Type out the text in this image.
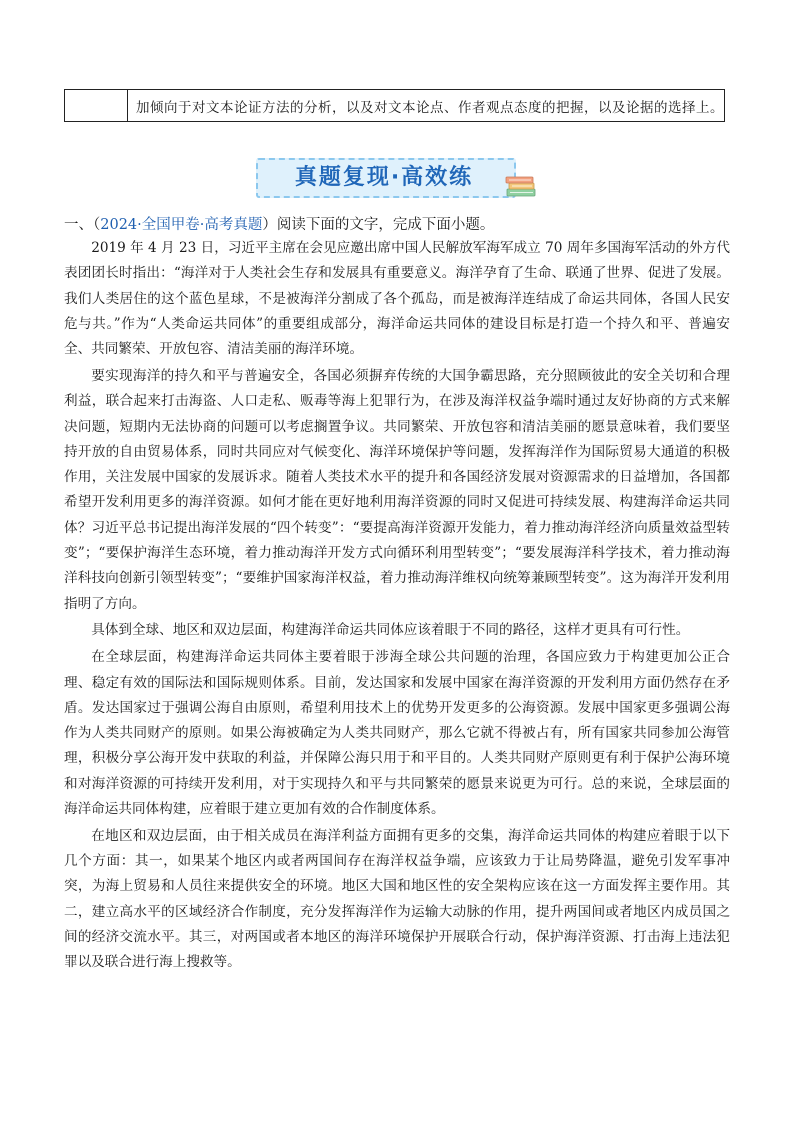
	加倾向于对文本论证方法的分析，以及对文本论点、作者观点态度的把握，以及论据的选择上。
真题复现·高效练
一、（2024·全国甲卷·高考真题）阅读下面的文字，完成下面小题。

2019 年 4 月 23 日，习近平主席在会见应邀出席中国人民解放军海军成立 70 周年多国海军活动的外方代表团团长时指出：“海洋对于人类社会生存和发展具有重要意义。海洋孕育了生命、联通了世界、促进了发展。我们人类居住的这个蓝色星球，不是被海洋分割成了各个孤岛，而是被海洋连结成了命运共同体，各国人民安危与共。”作为“人类命运共同体”的重要组成部分，海洋命运共同体的建设目标是打造一个持久和平、普遍安全、共同繁荣、开放包容、清洁美丽的海洋环境。

要实现海洋的持久和平与普遍安全，各国必须摒弃传统的大国争霸思路，充分照顾彼此的安全关切和合理利益，联合起来打击海盗、人口走私、贩毒等海上犯罪行为，在涉及海洋权益争端时通过友好协商的方式来解决问题，短期内无法协商的问题可以考虑搁置争议。共同繁荣、开放包容和清洁美丽的愿景意味着，我们要坚持开放的自由贸易体系，同时共同应对气候变化、海洋环境保护等问题，发挥海洋作为国际贸易大通道的积极作用，关注发展中国家的发展诉求。随着人类技术水平的提升和各国经济发展对资源需求的日益增加，各国都希望开发利用更多的海洋资源。如何才能在更好地利用海洋资源的同时又促进可持续发展、构建海洋命运共同体？习近平总书记提出海洋发展的“四个转变”：“要提高海洋资源开发能力，着力推动海洋经济向质量效益型转变”；“要保护海洋生态环境，着力推动海洋开发方式向循环利用型转变”；“要发展海洋科学技术，着力推动海洋科技向创新引领型转变”；“要维护国家海洋权益，着力推动海洋维权向统筹兼顾型转变”。这为海洋开发利用指明了方向。

具体到全球、地区和双边层面，构建海洋命运共同体应该着眼于不同的路径，这样才更具有可行性。

在全球层面，构建海洋命运共同体主要着眼于涉海全球公共问题的治理，各国应致力于构建更加公正合理、稳定有效的国际法和国际规则体系。目前，发达国家和发展中国家在海洋资源的开发利用方面仍然存在矛盾。发达国家过于强调公海自由原则，希望利用技术上的优势开发更多的公海资源。发展中国家更多强调公海作为人类共同财产的原则。如果公海被确定为人类共同财产，那么它就不得被占有，所有国家共同参加公海管理，积极分享公海开发中获取的利益，并保障公海只用于和平目的。人类共同财产原则更有利于保护公海环境和对海洋资源的可持续开发利用，对于实现持久和平与共同繁荣的愿景来说更为可行。总的来说，全球层面的海洋命运共同体构建，应着眼于建立更加有效的合作制度体系。

在地区和双边层面，由于相关成员在海洋利益方面拥有更多的交集，海洋命运共同体的构建应着眼于以下几个方面：其一，如果某个地区内或者两国间存在海洋权益争端，应该致力于让局势降温，避免引发军事冲突，为海上贸易和人员往来提供安全的环境。地区大国和地区性的安全架构应该在这一方面发挥主要作用。其二，建立高水平的区域经济合作制度，充分发挥海洋作为运输大动脉的作用，提升两国间或者地区内成员国之间的经济交流水平。其三，对两国或者本地区的海洋环境保护开展联合行动，保护海洋资源、打击海上违法犯罪以及联合进行海上搜救等。
